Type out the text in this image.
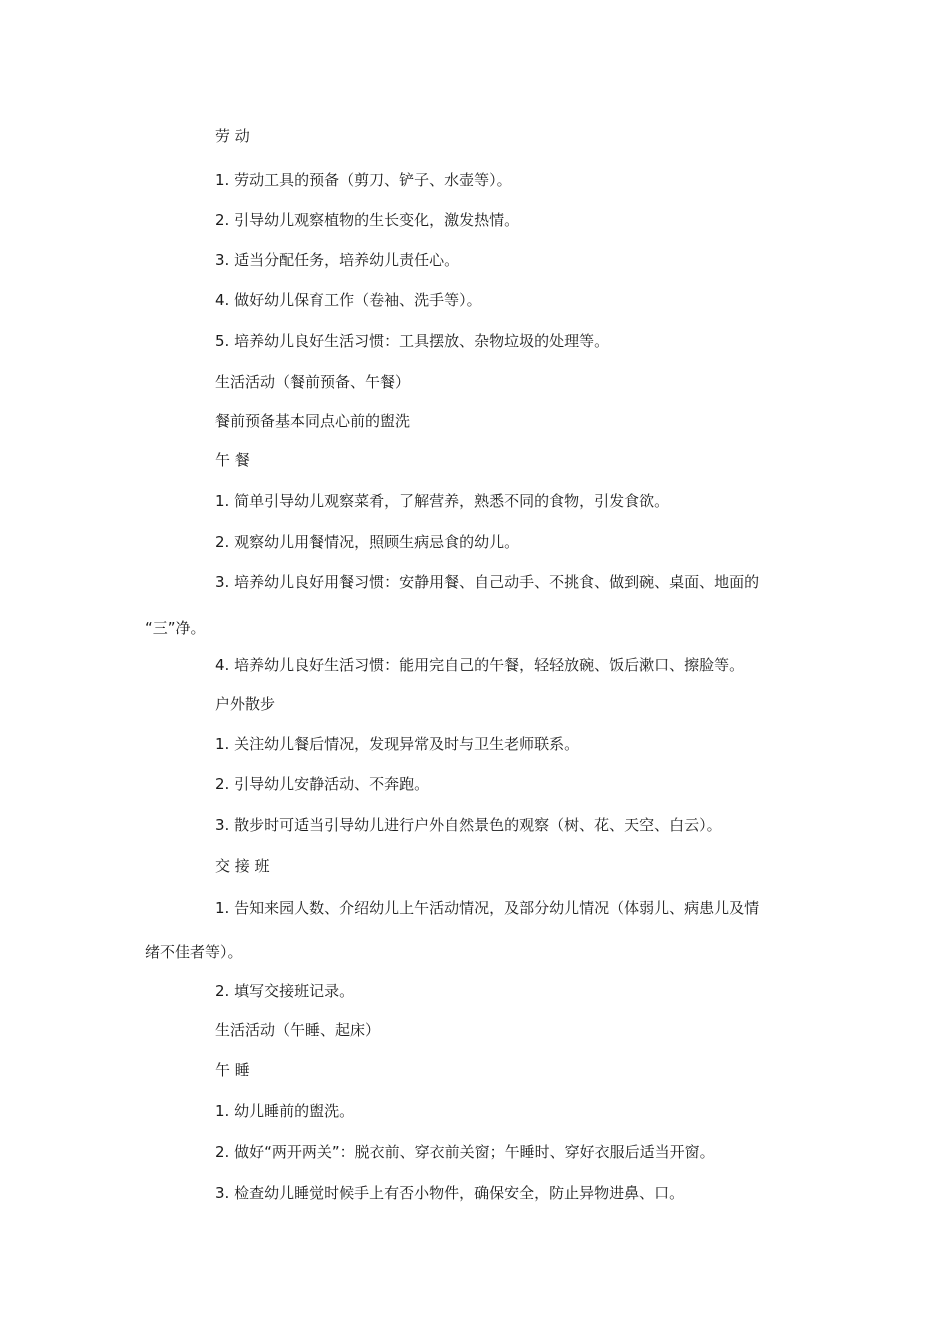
劳 动
1. 劳动工具的预备（剪刀、铲子、水壶等）。
2. 引导幼儿观察植物的生长变化，激发热情。
3. 适当分配任务，培养幼儿责任心。
4. 做好幼儿保育工作（卷袖、洗手等）。
5. 培养幼儿良好生活习惯：工具摆放、杂物垃圾的处理等。
生活活动（餐前预备、午餐）
餐前预备基本同点心前的盥洗
午 餐
1. 简单引导幼儿观察菜肴，了解营养，熟悉不同的食物，引发食欲。
2. 观察幼儿用餐情况，照顾生病忌食的幼儿。
3. 培养幼儿良好用餐习惯：安静用餐、自己动手、不挑食、做到碗、桌面、地面的
“三”净。
4. 培养幼儿良好生活习惯：能用完自己的午餐，轻轻放碗、饭后漱口、擦脸等。
户外散步
1. 关注幼儿餐后情况，发现异常及时与卫生老师联系。
2. 引导幼儿安静活动、不奔跑。
3. 散步时可适当引导幼儿进行户外自然景色的观察（树、花、天空、白云）。
交 接 班
1. 告知来园人数、介绍幼儿上午活动情况，及部分幼儿情况（体弱儿、病患儿及情
绪不佳者等）。
2. 填写交接班记录。
生活活动（午睡、起床）
午 睡
1. 幼儿睡前的盥洗。
2. 做好“两开两关”：脱衣前、穿衣前关窗；午睡时、穿好衣服后适当开窗。
3. 检查幼儿睡觉时候手上有否小物件，确保安全，防止异物进鼻、口。
